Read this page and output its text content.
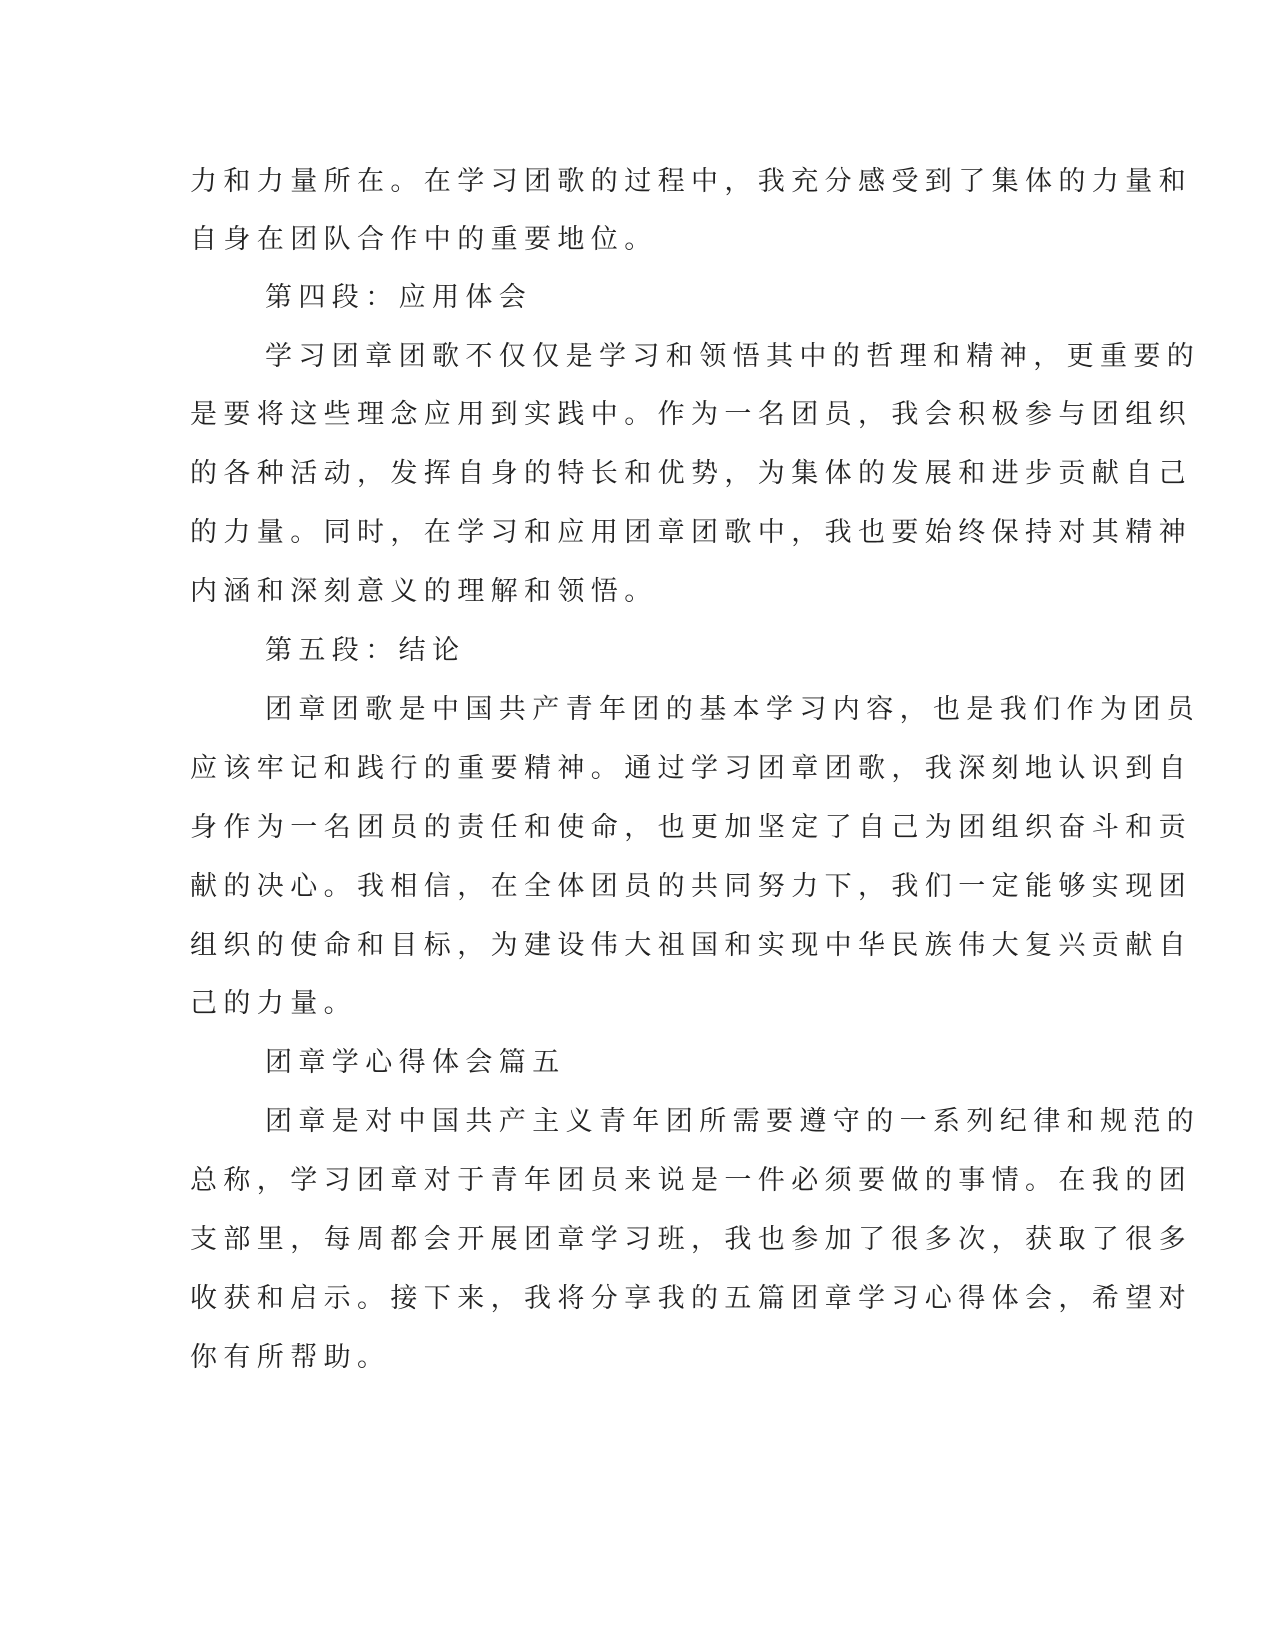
力和力量所在。在学习团歌的过程中，我充分感受到了集体的力量和

自身在团队合作中的重要地位。

第四段：应用体会

学习团章团歌不仅仅是学习和领悟其中的哲理和精神，更重要的

是要将这些理念应用到实践中。作为一名团员，我会积极参与团组织

的各种活动，发挥自身的特长和优势，为集体的发展和进步贡献自己

的力量。同时，在学习和应用团章团歌中，我也要始终保持对其精神

内涵和深刻意义的理解和领悟。

第五段：结论

团章团歌是中国共产青年团的基本学习内容，也是我们作为团员

应该牢记和践行的重要精神。通过学习团章团歌，我深刻地认识到自

身作为一名团员的责任和使命，也更加坚定了自己为团组织奋斗和贡

献的决心。我相信，在全体团员的共同努力下，我们一定能够实现团

组织的使命和目标，为建设伟大祖国和实现中华民族伟大复兴贡献自

己的力量。

团章学心得体会篇五

团章是对中国共产主义青年团所需要遵守的一系列纪律和规范的

总称，学习团章对于青年团员来说是一件必须要做的事情。在我的团

支部里，每周都会开展团章学习班，我也参加了很多次，获取了很多

收获和启示。接下来，我将分享我的五篇团章学习心得体会，希望对

你有所帮助。
